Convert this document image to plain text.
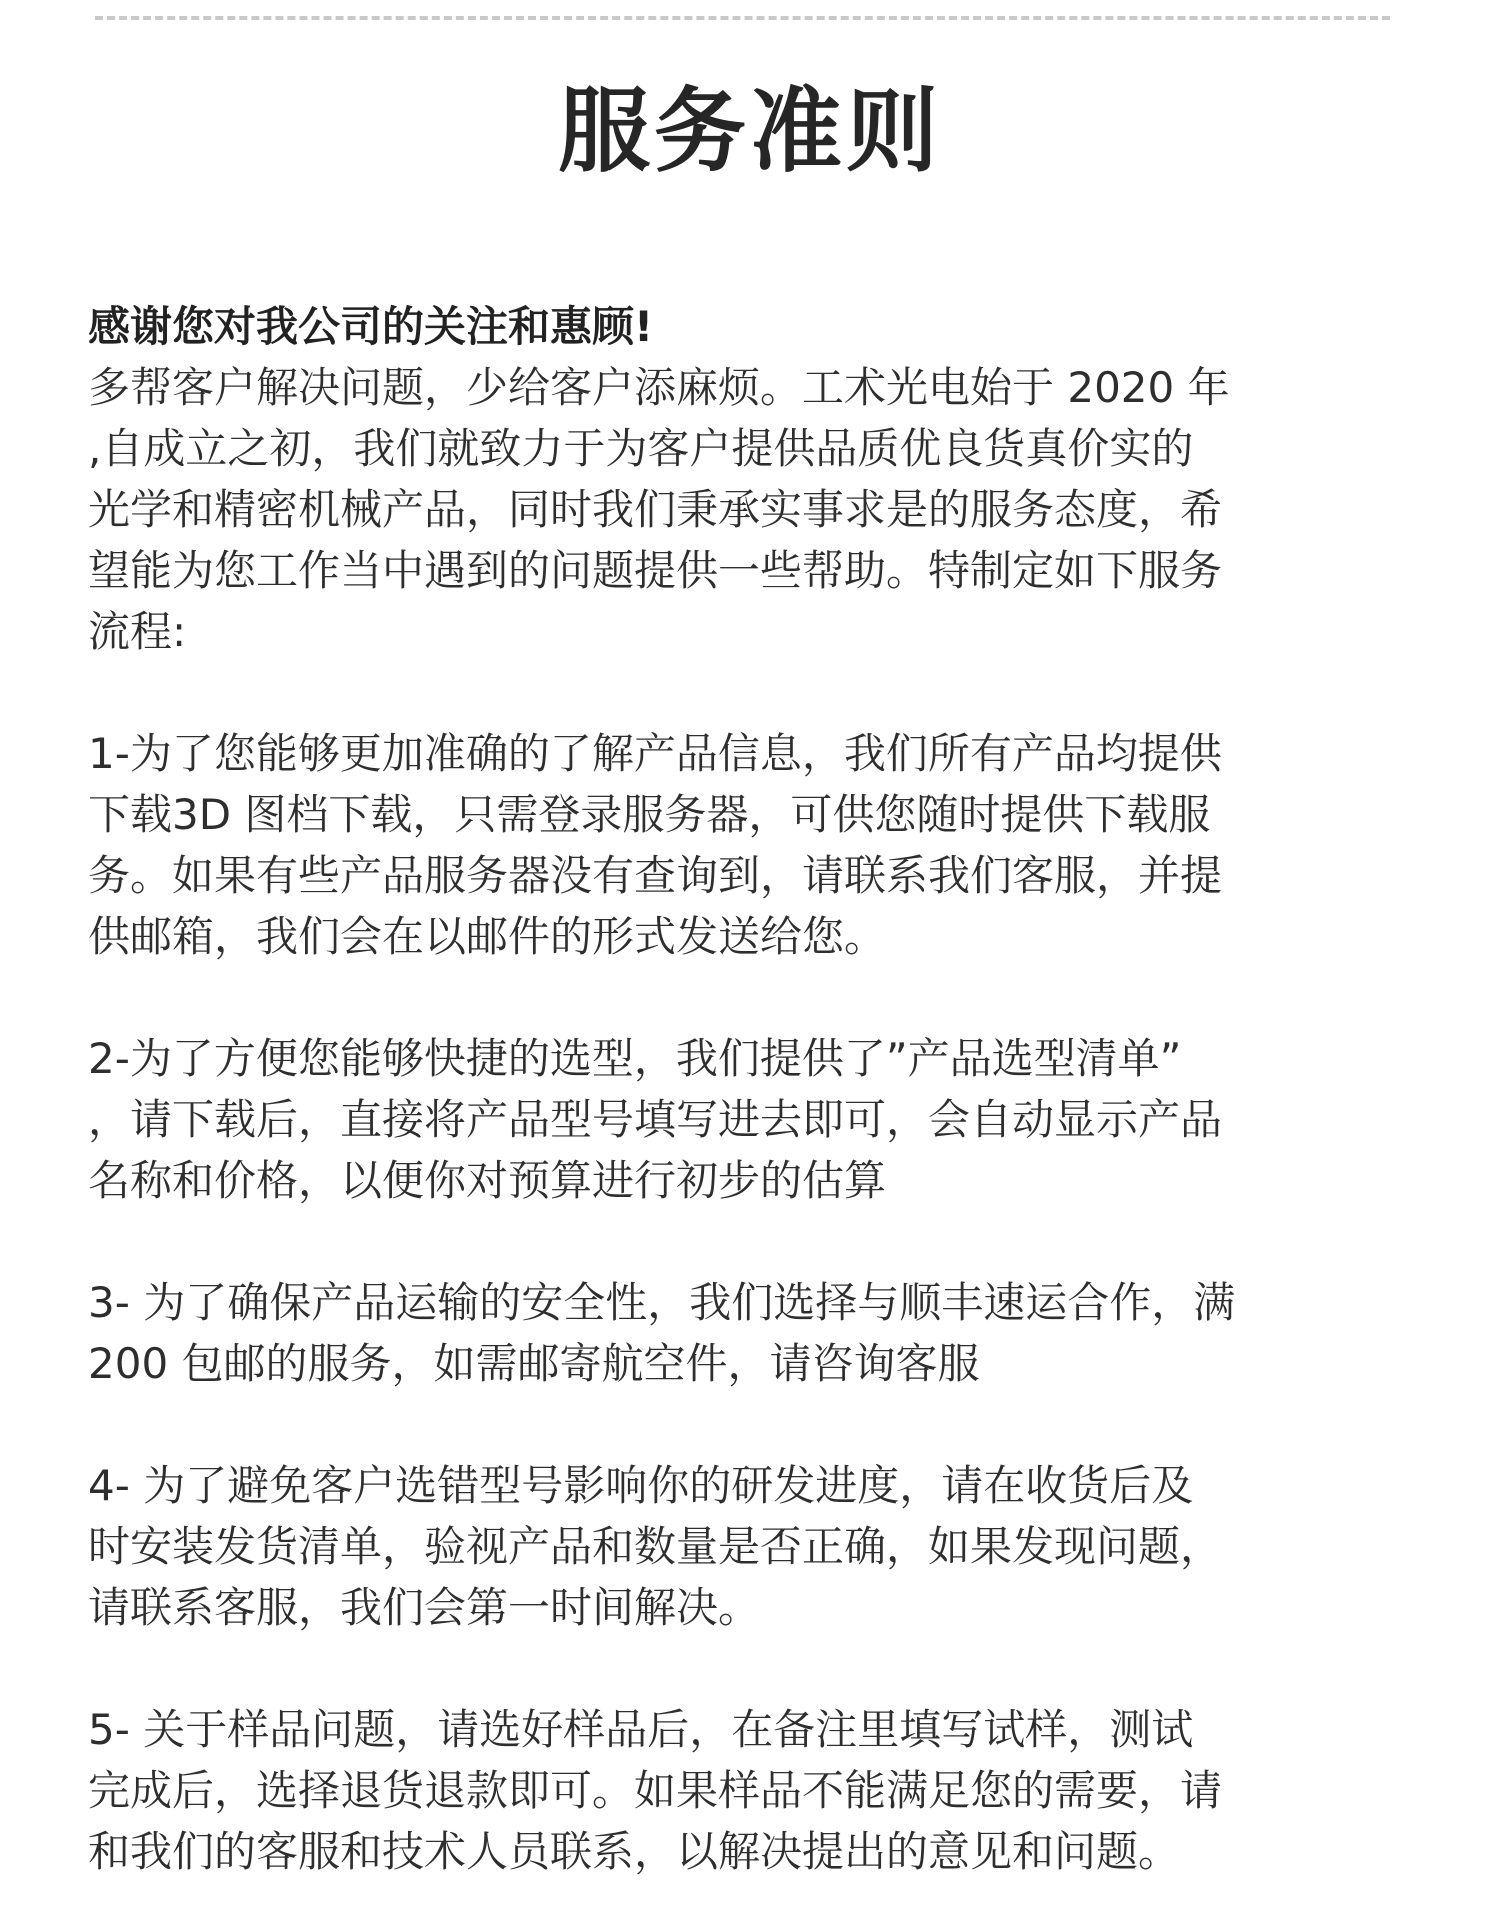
服务准则
感谢您对我公司的关注和惠顾!
多帮客户解决问题，少给客户添麻烦。工术光电始于 2020 年
,自成立之初，我们就致力于为客户提供品质优良货真价实的
光学和精密机械产品，同时我们秉承实事求是的服务态度，希
望能为您工作当中遇到的问题提供一些帮助。特制定如下服务
流程:
1-为了您能够更加准确的了解产品信息，我们所有产品均提供
下载3D 图档下载，只需登录服务器，可供您随时提供下载服
务。如果有些产品服务器没有查询到，请联系我们客服，并提
供邮箱，我们会在以邮件的形式发送给您。
2-为了方便您能够快捷的选型，我们提供了”产品选型清单”
，请下载后，直接将产品型号填写进去即可，会自动显示产品
名称和价格，以便你对预算进行初步的估算
3- 为了确保产品运输的安全性，我们选择与顺丰速运合作，满
200 包邮的服务，如需邮寄航空件，请咨询客服
4- 为了避免客户选错型号影响你的研发进度，请在收货后及
时安装发货清单，验视产品和数量是否正确，如果发现问题，
请联系客服，我们会第一时间解决。
5- 关于样品问题，请选好样品后，在备注里填写试样，测试
完成后，选择退货退款即可。如果样品不能满足您的需要，请
和我们的客服和技术人员联系，以解决提出的意见和问题。
